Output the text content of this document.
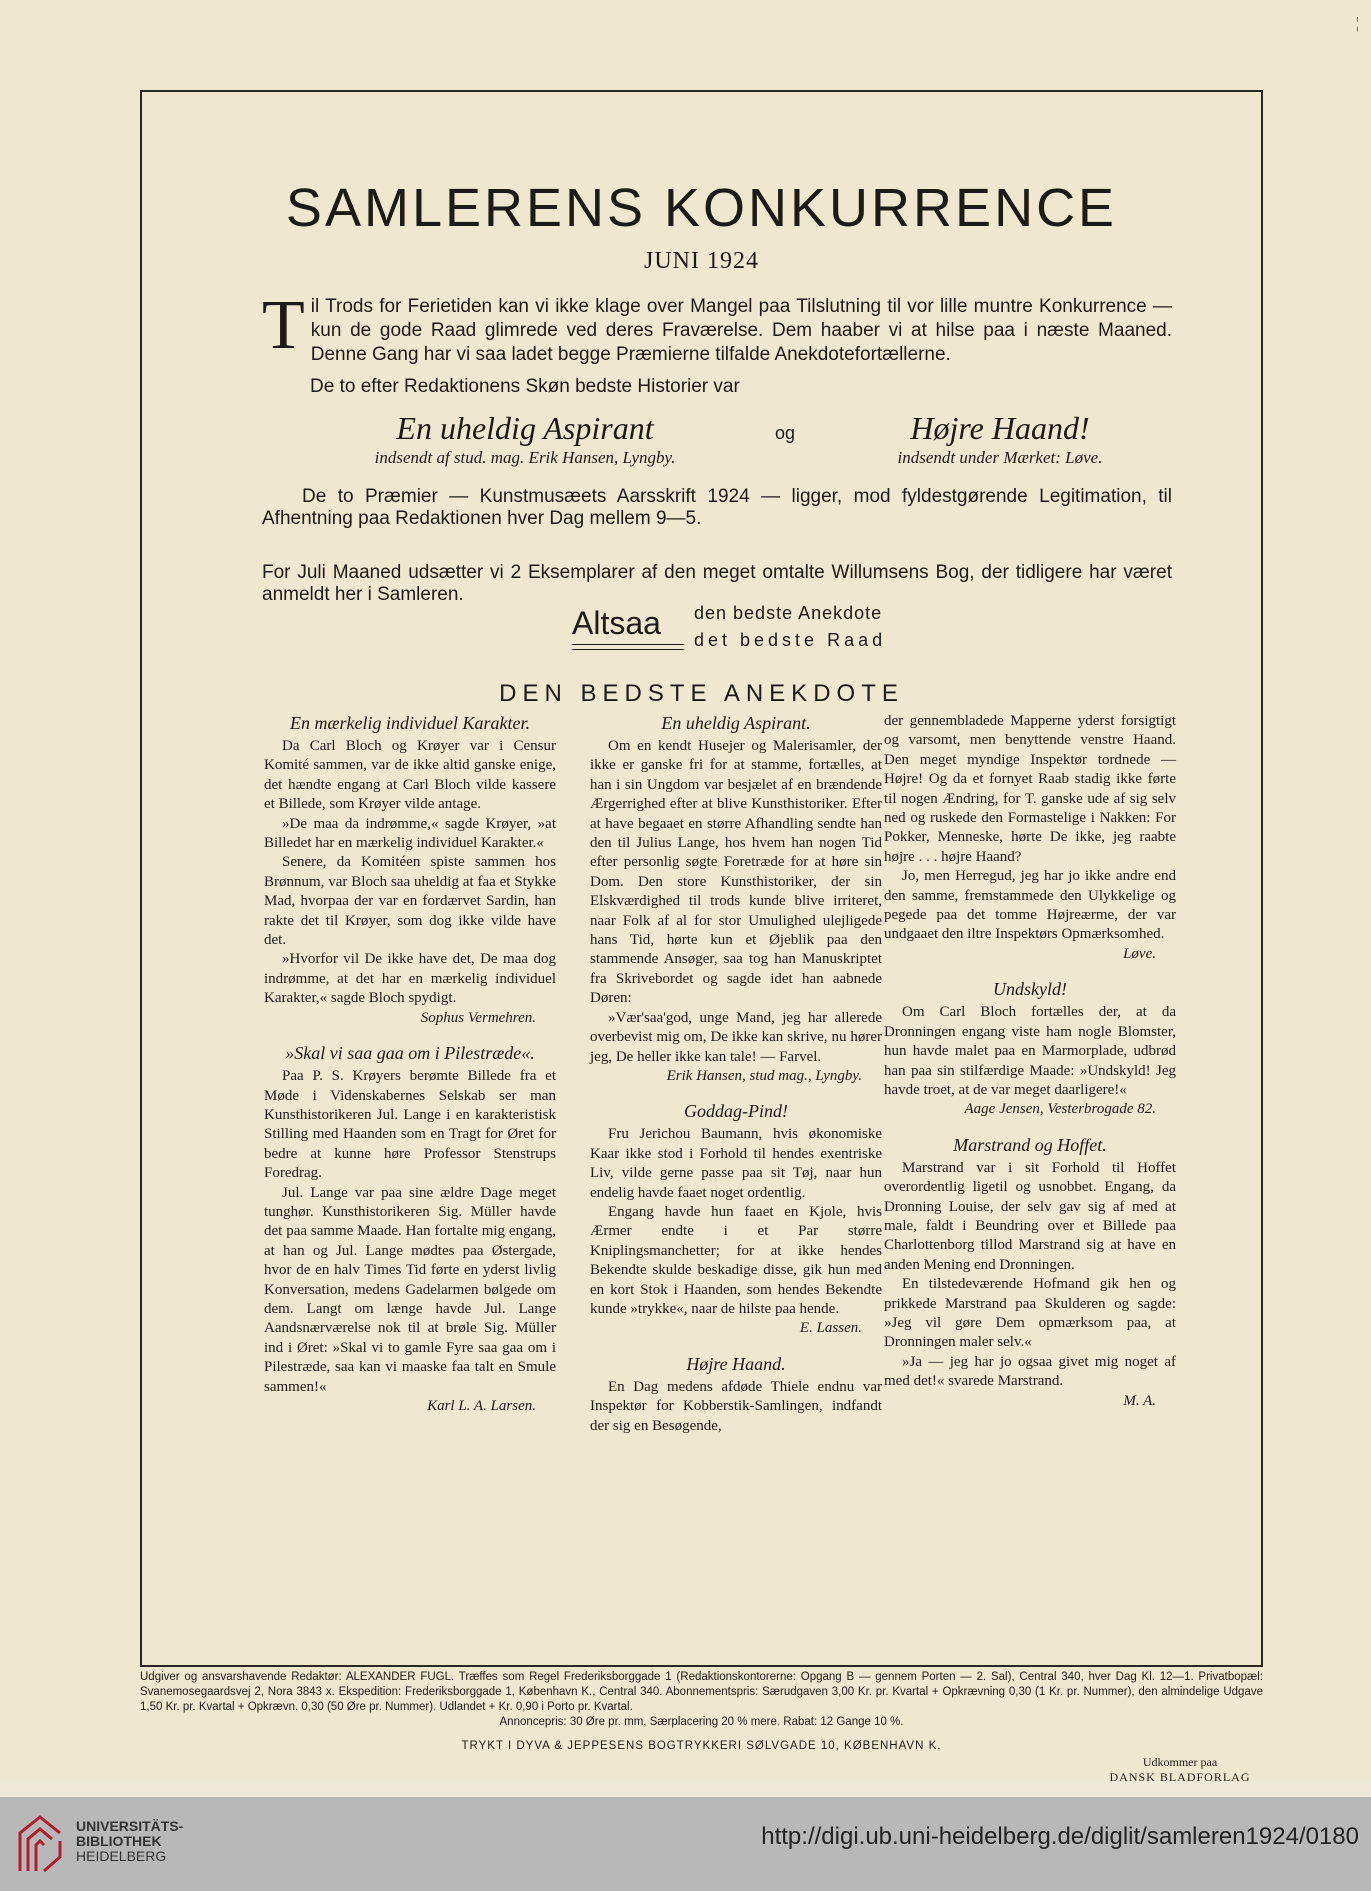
¦
SAMLERENS KONKURRENCE
JUNI 1924
Til Trods for Ferietiden kan vi ikke klage over Mangel paa Tilslutning til vor lille muntre Konkurrence — kun de gode Raad glimrede ved deres Fraværelse. Dem haaber vi at hilse paa i næste Maaned. Denne Gang har vi saa ladet begge Præmierne tilfalde Anekdotefortællerne.
De to efter Redaktionens Skøn bedste Historier var
En uheldig Aspirant
indsendt af stud. mag. Erik Hansen, Lyngby.
og	Højre Haand!
indsendt under Mærket: Løve.
De to Præmier — Kunstmusæets Aarsskrift 1924 — ligger, mod fyldestgørende Legitimation, til Afhentning paa Redaktionen hver Dag mellem 9—5.
For Juli Maaned udsætter vi 2 Eksemplarer af den meget omtalte Willumsens Bog, der tidligere har været anmeldt her i Samleren.
Altsaa den bedste Anekdote
det bedste Raad
DEN BEDSTE ANEKDOTE

En mærkelig individuel Karakter.

Da Carl Bloch og Krøyer var i Censur Komité sammen, var de ikke altid ganske enige, det hændte engang at Carl Bloch vilde kassere et Billede, som Krøyer vilde antage.

»De maa da indrømme,« sagde Krøyer, »at Billedet har en mærkelig individuel Karakter.«

Senere, da Komitéen spiste sammen hos Brønnum, var Bloch saa uheldig at faa et Stykke Mad, hvorpaa der var en fordærvet Sardin, han rakte det til Krøyer, som dog ikke vilde have det.

»Hvorfor vil De ikke have det, De maa dog indrømme, at det har en mærkelig individuel Karakter,« sagde Bloch spydigt.

Sophus Vermehren.

»Skal vi saa gaa om i Pilestræde«.

Paa P. S. Krøyers berømte Billede fra et Møde i Videnskabernes Selskab ser man Kunsthistorikeren Jul. Lange i en karakteristisk Stilling med Haanden som en Tragt for Øret for bedre at kunne høre Professor Stenstrups Foredrag.

Jul. Lange var paa sine ældre Dage meget tunghør. Kunsthistorikeren Sig. Müller havde det paa samme Maade. Han fortalte mig engang, at han og Jul. Lange mødtes paa Østergade, hvor de en halv Times Tid førte en yderst livlig Konversation, medens Gadelarmen bølgede om dem. Langt om længe havde Jul. Lange Aandsnærværelse nok til at brøle Sig. Müller ind i Øret: »Skal vi to gamle Fyre saa gaa om i Pilestræde, saa kan vi maaske faa talt en Smule sammen!«

Karl L. A. Larsen.

En uheldig Aspirant.

Om en kendt Husejer og Malerisamler, der ikke er ganske fri for at stamme, fortælles, at han i sin Ungdom var besjælet af en brændende Ærgerrighed efter at blive Kunsthistoriker. Efter at have begaaet en større Afhandling sendte han den til Julius Lange, hos hvem han nogen Tid efter personlig søgte Foretræde for at høre sin Dom. Den store Kunsthistoriker, der sin Elskværdighed til trods kunde blive irriteret, naar Folk af al for stor Umulighed ulejligede hans Tid, hørte kun et Øjeblik paa den stammende Ansøger, saa tog han Manuskriptet fra Skrivebordet og sagde idet han aabnede Døren:

»Vær'saa'god, unge Mand, jeg har allerede overbevist mig om, De ikke kan skrive, nu hører jeg, De heller ikke kan tale! — Farvel.

Erik Hansen, stud mag., Lyngby.

Goddag-Pind!

Fru Jerichou Baumann, hvis økonomiske Kaar ikke stod i Forhold til hendes exentriske Liv, vilde gerne passe paa sit Tøj, naar hun endelig havde faaet noget ordentlig.

Engang havde hun faaet en Kjole, hvis Ærmer endte i et Par større Kniplingsmanchetter; for at ikke hendes Bekendte skulde beskadige disse, gik hun med en kort Stok i Haanden, som hendes Bekendte kunde »trykke«, naar de hilste paa hende.

E. Lassen.

Højre Haand.

En Dag medens afdøde Thiele endnu var Inspektør for Kobberstik-Samlingen, indfandt der sig en Besøgende,

der gennembladede Mapperne yderst forsigtigt og varsomt, men benyttende venstre Haand. Den meget myndige Inspektør tordnede — Højre! Og da et fornyet Raab stadig ikke førte til nogen Ændring, for T. ganske ude af sig selv ned og ruskede den Formastelige i Nakken: For Pokker, Menneske, hørte De ikke, jeg raabte højre . . . højre Haand?

Jo, men Herregud, jeg har jo ikke andre end den samme, fremstammede den Ulykkelige og pegede paa det tomme Højreærme, der var undgaaet den iltre Inspektørs Opmærksomhed.

Løve.

Undskyld!

Om Carl Bloch fortælles der, at da Dronningen engang viste ham nogle Blomster, hun havde malet paa en Marmorplade, udbrød han paa sin stilfærdige Maade: »Undskyld! Jeg havde troet, at de var meget daarligere!«

Aage Jensen, Vesterbrogade 82.

Marstrand og Hoffet.

Marstrand var i sit Forhold til Hoffet overordentlig ligetil og usnobbet. Engang, da Dronning Louise, der selv gav sig af med at male, faldt i Beundring over et Billede paa Charlottenborg tillod Marstrand sig at have en anden Mening end Dronningen.

En tilstedeværende Hofmand gik hen og prikkede Marstrand paa Skulderen og sagde: »Jeg vil gøre Dem opmærksom paa, at Dronningen maler selv.«

»Ja — jeg har jo ogsaa givet mig noget af med det!« svarede Marstrand.

M. A.

Udgiver og ansvarshavende Redaktør: ALEXANDER FUGL. Træffes som Regel Frederiksborggade 1 (Redaktionskontorerne: Opgang B — gennem Porten — 2. Sal), Central 340, hver Dag Kl. 12—1. Privatbopæl: Svanemosegaardsvej 2, Nora 3843 x. Ekspedition: Frederiksborggade 1, København K., Central 340. Abonnementspris: Særudgaven 3,00 Kr. pr. Kvartal + Opkrævning 0,30 (1 Kr. pr. Nummer), den almindelige Udgave 1,50 Kr. pr. Kvartal + Opkrævn. 0,30 (50 Øre pr. Nummer). Udlandet + Kr. 0,90 i Porto pr. Kvartal.
Annoncepris: 30 Øre pr. mm, Særplacering 20 % mere. Rabat: 12 Gange 10 %.
TRYKT I DYVA & JEPPESENS BOGTRYKKERI SØLVGADE 10, KØBENHAVN K.
Udkommer paa
DANSK BLADFORLAG
UNIVERSITÄTS-
BIBLIOTHEK
HEIDELBERG
http://digi.ub.uni-heidelberg.de/diglit/samleren1924/0180
